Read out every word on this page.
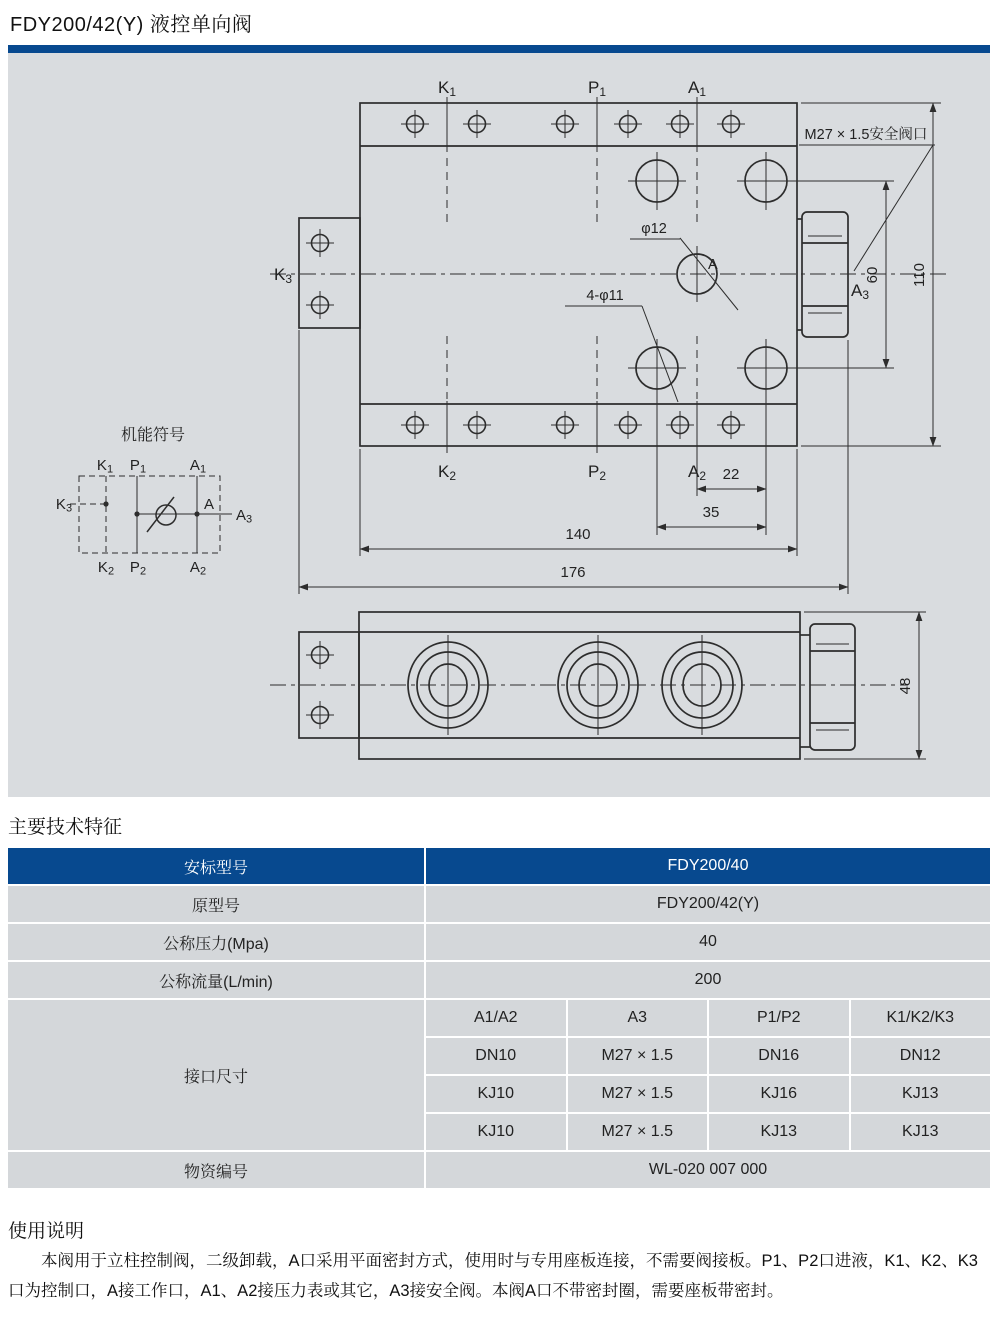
FDY200/42(Y) 液控单向阀
K1	P1	A1
K2	P2	A2
K3
A3
A
M27 × 1.5安全阀口
φ12
4-φ11
60 110
22
35
140
176
机能符号
K1 P1	A1
K2 P2	A2
K3	A
A3
48
主要技术特征
安标型号	FDY200/40
原型号	FDY200/42(Y)
公称压力(Mpa)	40
公称流量(L/min)	200
接口尺寸
A1/A2	A3	P1/P2	K1/K2/K3
DN10	M27 × 1.5	DN16	DN12
KJ10	M27 × 1.5	KJ16	KJ13
KJ10	M27 × 1.5	KJ13	KJ13
物资编号	WL-020 007 000
使用说明
本阀用于立柱控制阀，二级卸载，A口采用平面密封方式，使用时与专用座板连接，不需要阀接板。P1、P2口进液，K1、K2、K3口为控制口，A接工作口，A1、A2接压力表或其它，A3接安全阀。本阀A口不带密封圈，需要座板带密封。
